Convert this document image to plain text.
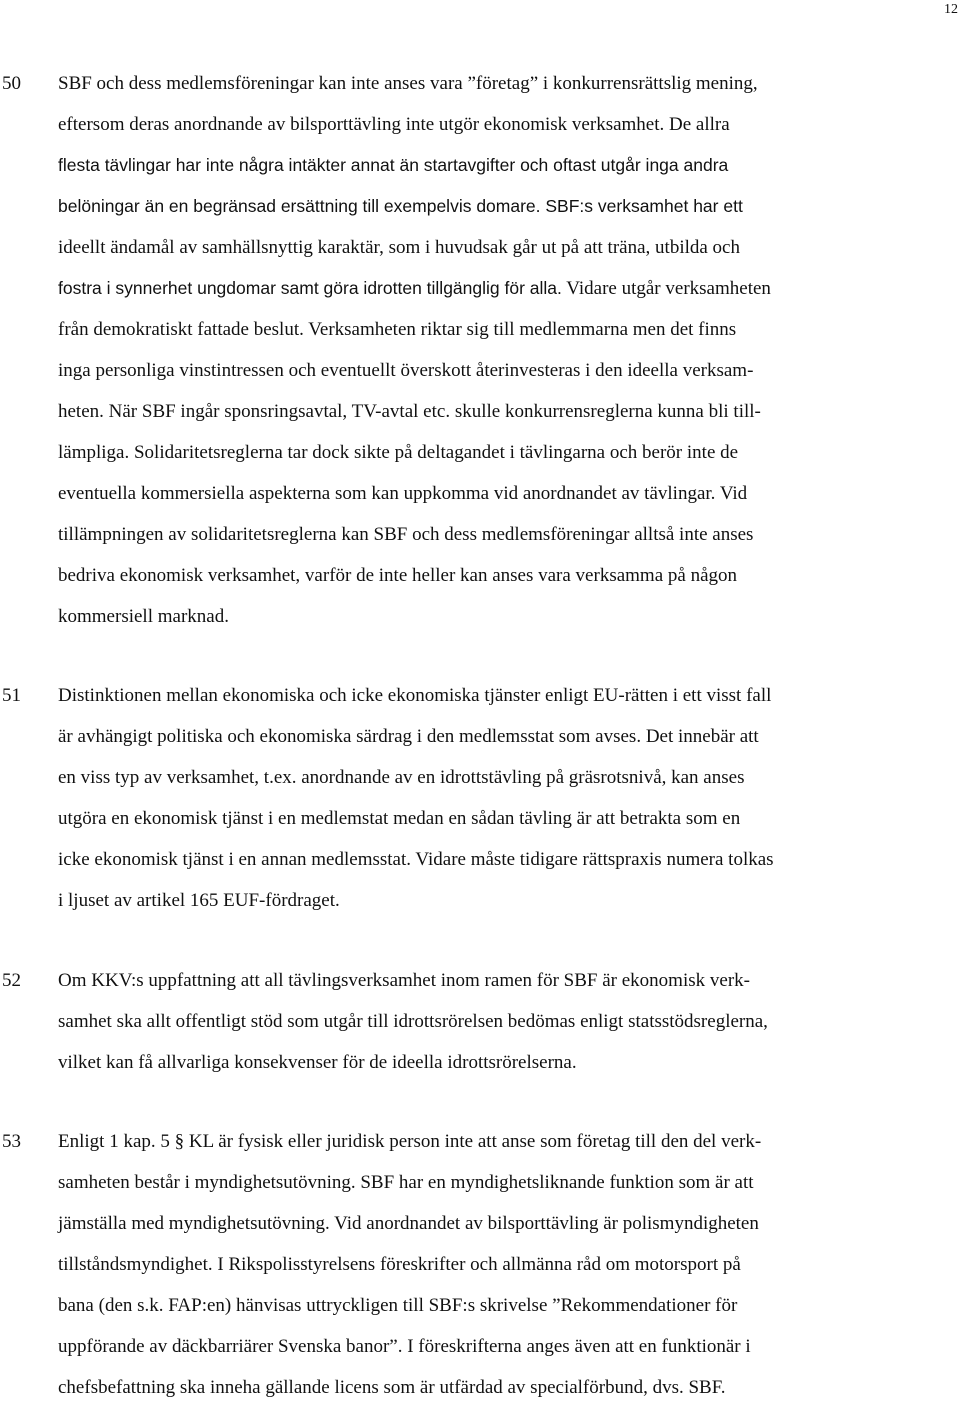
12
50 SBF och dess medlemsföreningar kan inte anses vara ”företag” i konkurrensrättslig mening,
eftersom deras anordnande av bilsporttävling inte utgör ekonomisk verksamhet. De allra
flesta tävlingar har inte några intäkter annat än startavgifter och oftast utgår inga andra
belöningar än en begränsad ersättning till exempelvis domare. SBF:s verksamhet har ett
ideellt ändamål av samhällsnyttig karaktär, som i huvudsak går ut på att träna, utbilda och
fostra i synnerhet ungdomar samt göra idrotten tillgänglig för alla. Vidare utgår verksamheten
från demokratiskt fattade beslut. Verksamheten riktar sig till medlemmarna men det finns
inga personliga vinstintressen och eventuellt överskott återinvesteras i den ideella verksam-
heten. När SBF ingår sponsringsavtal, TV-avtal etc. skulle konkurrensreglerna kunna bli till-
lämpliga. Solidaritetsreglerna tar dock sikte på deltagandet i tävlingarna och berör inte de
eventuella kommersiella aspekterna som kan uppkomma vid anordnandet av tävlingar. Vid
tillämpningen av solidaritetsreglerna kan SBF och dess medlemsföreningar alltså inte anses
bedriva ekonomisk verksamhet, varför de inte heller kan anses vara verksamma på någon
kommersiell marknad.
51 Distinktionen mellan ekonomiska och icke ekonomiska tjänster enligt EU-rätten i ett visst fall
är avhängigt politiska och ekonomiska särdrag i den medlemsstat som avses. Det innebär att
en viss typ av verksamhet, t.ex. anordnande av en idrottstävling på gräsrotsnivå, kan anses
utgöra en ekonomisk tjänst i en medlemstat medan en sådan tävling är att betrakta som en
icke ekonomisk tjänst i en annan medlemsstat. Vidare måste tidigare rättspraxis numera tolkas
i ljuset av artikel 165 EUF-fördraget.
52 Om KKV:s uppfattning att all tävlingsverksamhet inom ramen för SBF är ekonomisk verk-
samhet ska allt offentligt stöd som utgår till idrottsrörelsen bedömas enligt statsstödsreglerna,
vilket kan få allvarliga konsekvenser för de ideella idrottsrörelserna.
53 Enligt 1 kap. 5 § KL är fysisk eller juridisk person inte att anse som företag till den del verk-
samheten består i myndighetsutövning. SBF har en myndighetsliknande funktion som är att
jämställa med myndighetsutövning. Vid anordnandet av bilsporttävling är polismyndigheten
tillståndsmyndighet. I Rikspolisstyrelsens föreskrifter och allmänna råd om motorsport på
bana (den s.k. FAP:en) hänvisas uttryckligen till SBF:s skrivelse ”Rekommendationer för
uppförande av däckbarriärer Svenska banor”. I föreskrifterna anges även att en funktionär i
chefsbefattning ska inneha gällande licens som är utfärdad av specialförbund, dvs. SBF.
